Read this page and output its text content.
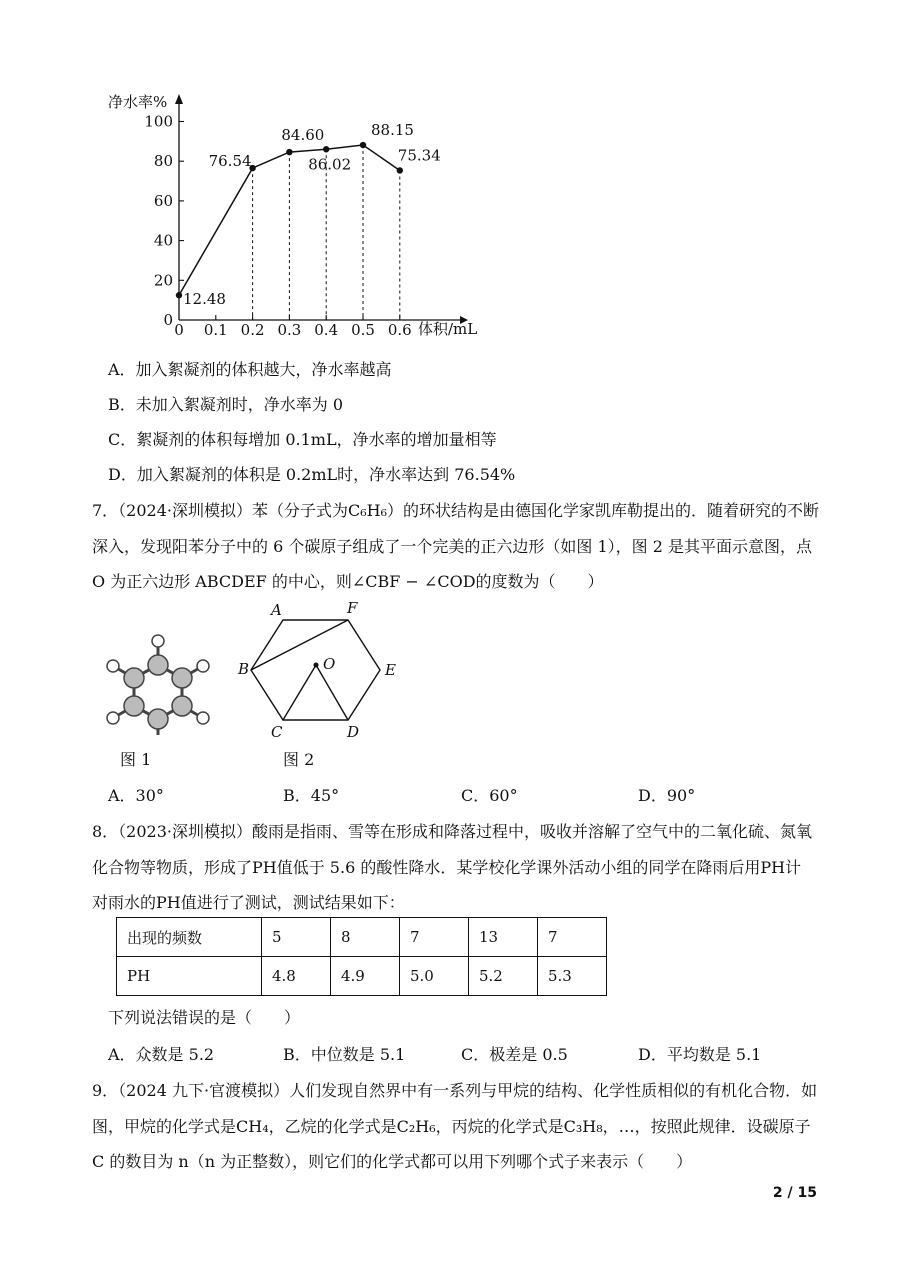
净水率%
体积/mL
0
20
40
60
80
100
0 0.1 0.2 0.3 0.4 0.5 0.6
12.48
76.54
84.60
86.02
88.15
75.34
A．加入絮凝剂的体积越大，净水率越高
B．未加入絮凝剂时，净水率为 0
C．絮凝剂的体积每增加 0.1mL，净水率的增加量相等
D．加入絮凝剂的体积是 0.2mL时，净水率达到 76.54%
7．（2024·深圳模拟）苯（分子式为C₆H₆）的环状结构是由德国化学家凯库勒提出的．随着研究的不断
深入，发现阳苯分子中的 6 个碳原子组成了一个完美的正六边形（如图 1），图 2 是其平面示意图，点
O 为正六边形 ABCDEF 的中心，则∠CBF − ∠COD的度数为（　　）
图 1
A	F
B	O	E
C	D
图 2
A．30°	B．45°	C．60°	D．90°
8．（2023·深圳模拟）酸雨是指雨、雪等在形成和降落过程中，吸收并溶解了空气中的二氧化硫、氮氧
化合物等物质，形成了PH值低于 5.6 的酸性降水．某学校化学课外活动小组的同学在降雨后用PH计
对雨水的PH值进行了测试，测试结果如下：
出现的频数	5	8	7	13	7
PH	4.8	4.9	5.0	5.2	5.3
下列说法错误的是（　　）
A．众数是 5.2	B．中位数是 5.1	C．极差是 0.5	D．平均数是 5.1
9．（2024 九下·官渡模拟）人们发现自然界中有一系列与甲烷的结构、化学性质相似的有机化合物．如
图，甲烷的化学式是CH₄，乙烷的化学式是C₂H₆，丙烷的化学式是C₃H₈，…，按照此规律．设碳原子
C 的数目为 n（n 为正整数），则它们的化学式都可以用下列哪个式子来表示（　　）
2 / 15
